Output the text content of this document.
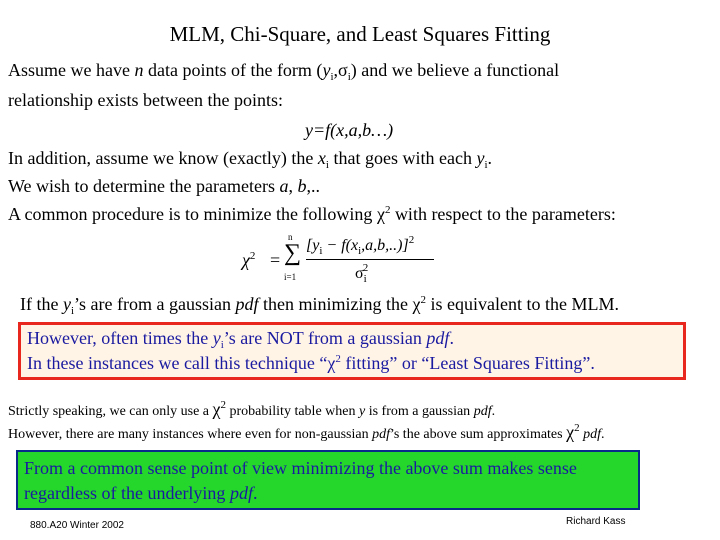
MLM, Chi-Square, and Least Squares Fitting
Assume we have n data points of the form $(y_i,\sigma_i)$ and we believe a functional
relationship exists between the points:
y=f(x,a,b…)
In addition, assume we know (exactly) the $x_i$ that goes with each $y_i$.
We wish to determine the parameters a, b,..
A common procedure is to minimize the following $\chi^2$ with respect to the parameters:
$\chi^2$ =
n
∑
i=1
$[y_i - f(x_i,a,b,..)]^2$
$\sigma_i^2$
If the $y_i’s$ are from a gaussian pdf then minimizing the $\chi^2$ is equivalent to the MLM.
However, often times the $y_i’s$ are NOT from a gaussian pdf.
In these instances we call this technique “$\chi^2$ fitting” or “Least Squares Fitting”.
Strictly speaking, we can only use a $\chi^2$ probability table when y is from a gaussian pdf.
However, there are many instances where even for non-gaussian pdf’s the above sum approximates $\chi^2$ pdf.
From a common sense point of view minimizing the above sum makes sense
regardless of the underlying pdf.
880.A20 Winter 2002	Richard Kass
